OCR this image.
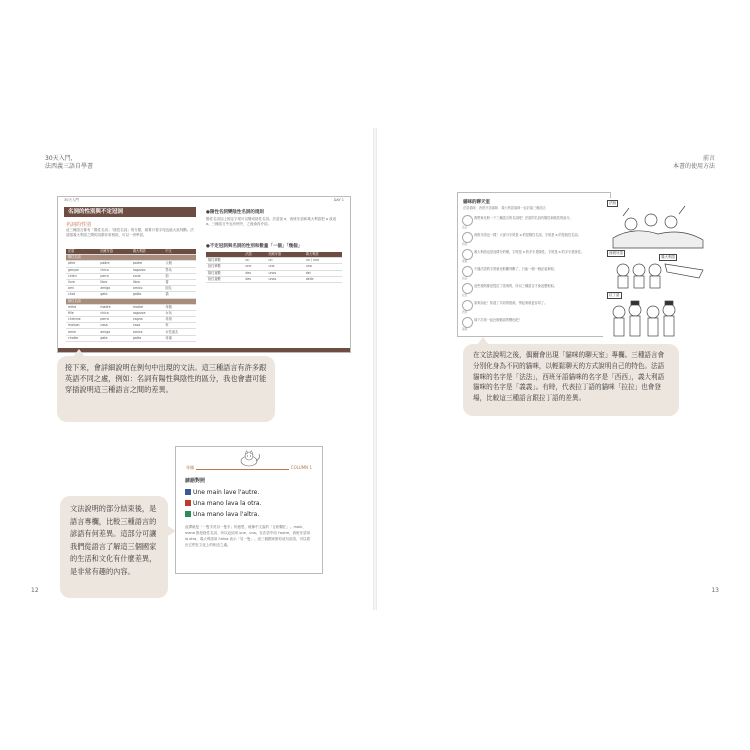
30天入門，
法西義三語自學書
30天入門	DAY 1
名詞的性別與不定冠詞
名詞的性別
這三種語言都有「陽性名詞」「陰性名詞」的分類，就算只看字尾也能大致判斷。法語跟義大利語之間的詞彙非常相似，可以一併學習。
法語	西班牙語	義大利語	中文
陽性名詞			
père	padre	padre	父親
garçon	chico	ragazzo	男孩
chien	perro	cane	狗
livre	libro	libro	書
ami	amigo	amico	朋友
chat	gato	gatto	貓
陰性名詞			
mère	madre	madre	母親
fille	chica	ragazza	女孩
chienne	perra	cagna	母狗
maison	casa	casa	家
amie	amiga	amica	女性朋友
chatte	gata	gatta	母貓
●陽性名詞變陰性名詞的規則
陽性名詞加上固定字尾可以變成陰性名詞。法語加 e，西班牙語和義大利語把 o 改成 a。三種語言中也有例外，之後會再介紹。
●不定冠詞與名詞的性別和數量「一個」「幾個」
	法語	西班牙語	義大利語
陽性單數	un	un	un / uno
陰性單數	une	una	una
陽性複數	des	unos	dei
陰性複數	des	unas	delle
接下來，會詳細說明在例句中出現的文法。這三種語言有許多跟英語不同之處，例如：名詞有陽性與陰性的區分，我也會盡可能穿插說明這三種語言之間的差異。
文法說明的部分結束後，是語言專欄，比較三種語言的諺語有何差異。這部分可讓我們從語言了解這三個國家的生活和文化有什麼差異，是非常有趣的內容。
專欄	COLUMN 1
諺語對照
Une main lave l'autre.
Una mano lava la otra.
Una mano lava l'altra.
直譯就是「一隻手洗另一隻手」的意思，就像中文說的「互相幫忙」。main、mano 都是陰性名詞，所以冠詞用 une、una。在法語中用 l'autre，西班牙語用 la otra，義大利語用 l'altra 表示「另一隻」。這三個國家都有這句諺語，可以看出它們在文化上的相近之處。
12
前言
本書的使用方法
貓咪的聊天室
法語貓咪、西班牙語貓咪、義大利語貓咪一起討論三種語言
法法
我們來比較一下三種語言的名詞吧！法語的名詞有陽性和陰性的區分。
西西
西班牙語也一樣！大部分字尾是 o 的是陽性名詞，字尾是 a 的是陰性名詞。
義義
義大利語也是這樣分的喔，字尾是 o 的多半是陽性，字尾是 a 的多半是陰性。
法法
不過法語的字尾就比較難判斷了，只能一個一個記起來呢。
拉拉
這些規則都是從拉丁語來的，所以三種語言才會這麼相似。
西西
原來如此！知道了共同的根源，學起來就更容易了。
義義
那下次再一起比較動詞的變化吧！
法西
西班牙語
義大利語
拉丁語
在文法說明之後，偶爾會出現「貓咪的聊天室」專欄。三種語言會分別化身為不同的貓咪，以輕鬆聊天的方式說明自己的特色。法語貓咪的名字是「法法」，西班牙語貓咪的名字是「西西」，義大利語貓咪的名字是「義義」。有時，代表拉丁語的貓咪「拉拉」也會登場，比較這三種語言跟拉丁語的差異。
13
